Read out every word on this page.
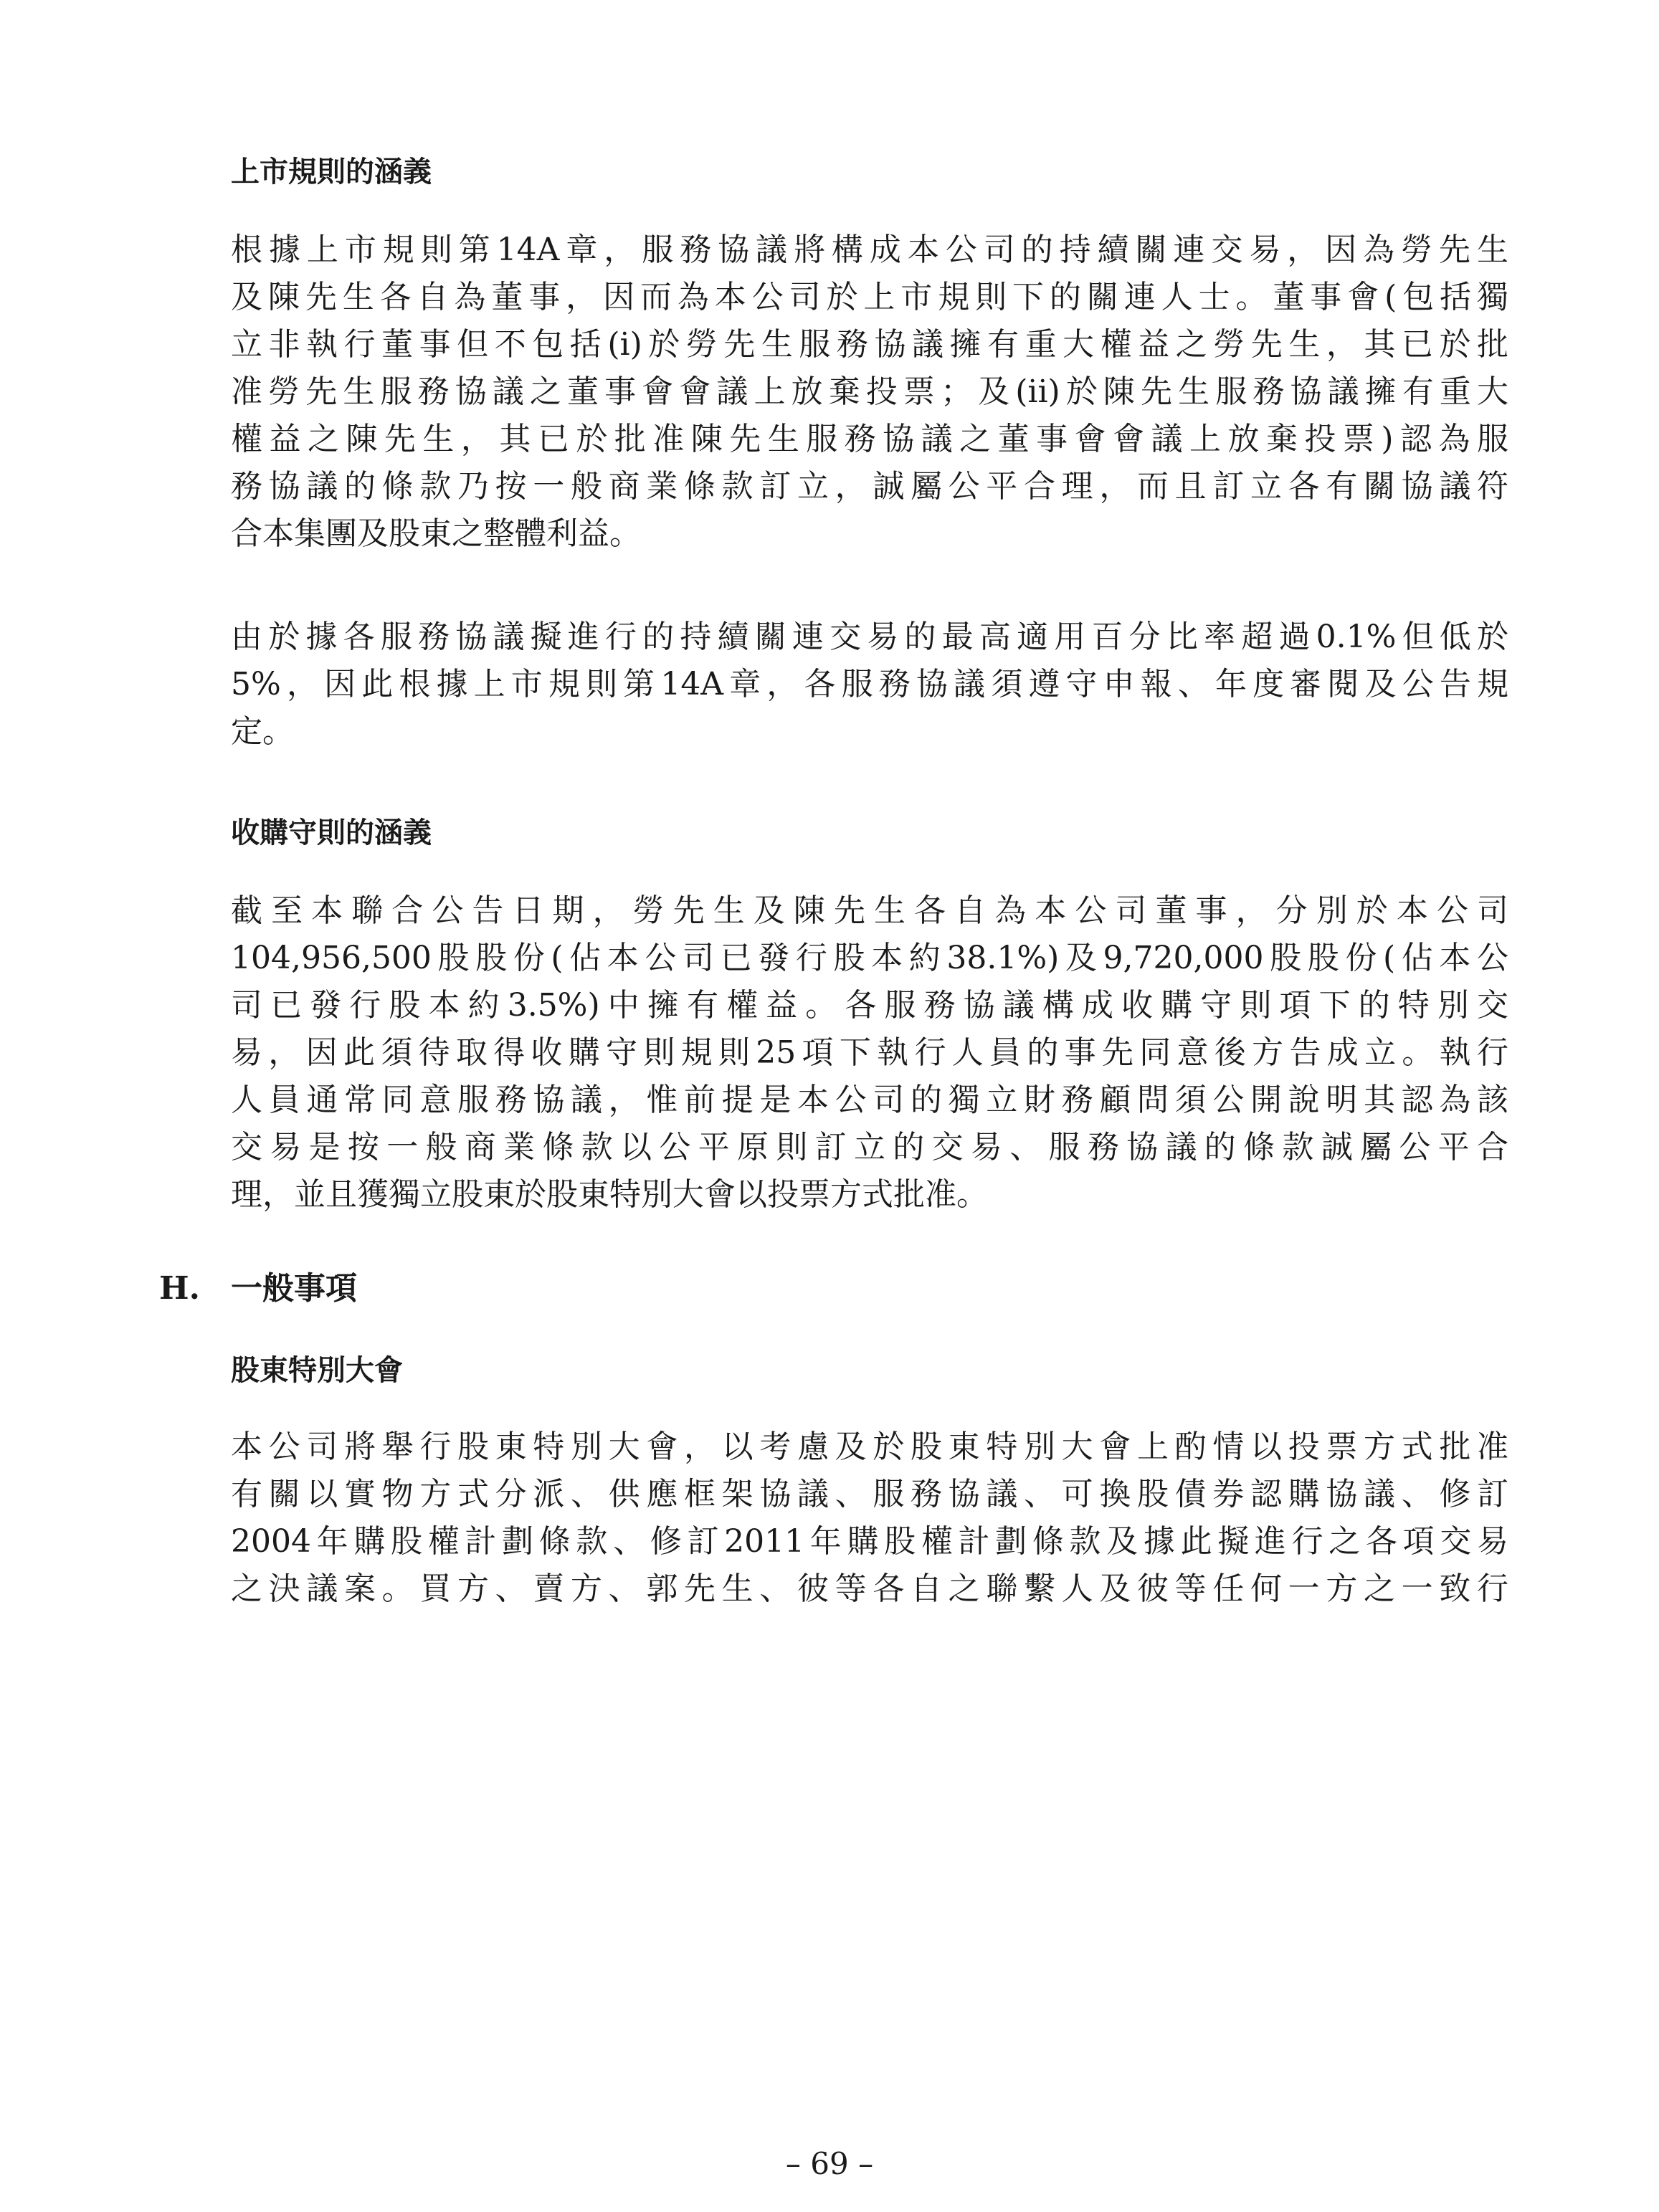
上市規則的涵義

根據上市規則第14A章，服務協議將構成本公司的持續關連交易，因為勞先生
及陳先生各自為董事，因而為本公司於上市規則下的關連人士。董事會(包括獨
立非執行董事但不包括(i)於勞先生服務協議擁有重大權益之勞先生，其已於批
准勞先生服務協議之董事會會議上放棄投票；及(ii)於陳先生服務協議擁有重大
權益之陳先生，其已於批准陳先生服務協議之董事會會議上放棄投票)認為服
務協議的條款乃按一般商業條款訂立，誠屬公平合理，而且訂立各有關協議符
合本集團及股東之整體利益。

由於據各服務協議擬進行的持續關連交易的最高適用百分比率超過0.1%但低於
5%，因此根據上市規則第14A章，各服務協議須遵守申報、年度審閱及公告規
定。

收購守則的涵義

截至本聯合公告日期，勞先生及陳先生各自為本公司董事，分別於本公司
104,956,500股股份(佔本公司已發行股本約38.1%)及9,720,000股股份(佔本公
司已發行股本約3.5%)中擁有權益。各服務協議構成收購守則項下的特別交
易，因此須待取得收購守則規則25項下執行人員的事先同意後方告成立。執行
人員通常同意服務協議，惟前提是本公司的獨立財務顧問須公開說明其認為該
交易是按一般商業條款以公平原則訂立的交易、服務協議的條款誠屬公平合
理，並且獲獨立股東於股東特別大會以投票方式批准。

H. 一般事項
股東特別大會

本公司將舉行股東特別大會，以考慮及於股東特別大會上酌情以投票方式批准
有關以實物方式分派、供應框架協議、服務協議、可換股債券認購協議、修訂
2004年購股權計劃條款、修訂2011年購股權計劃條款及據此擬進行之各項交易
之決議案。買方、賣方、郭先生、彼等各自之聯繫人及彼等任何一方之一致行

– 69 –
